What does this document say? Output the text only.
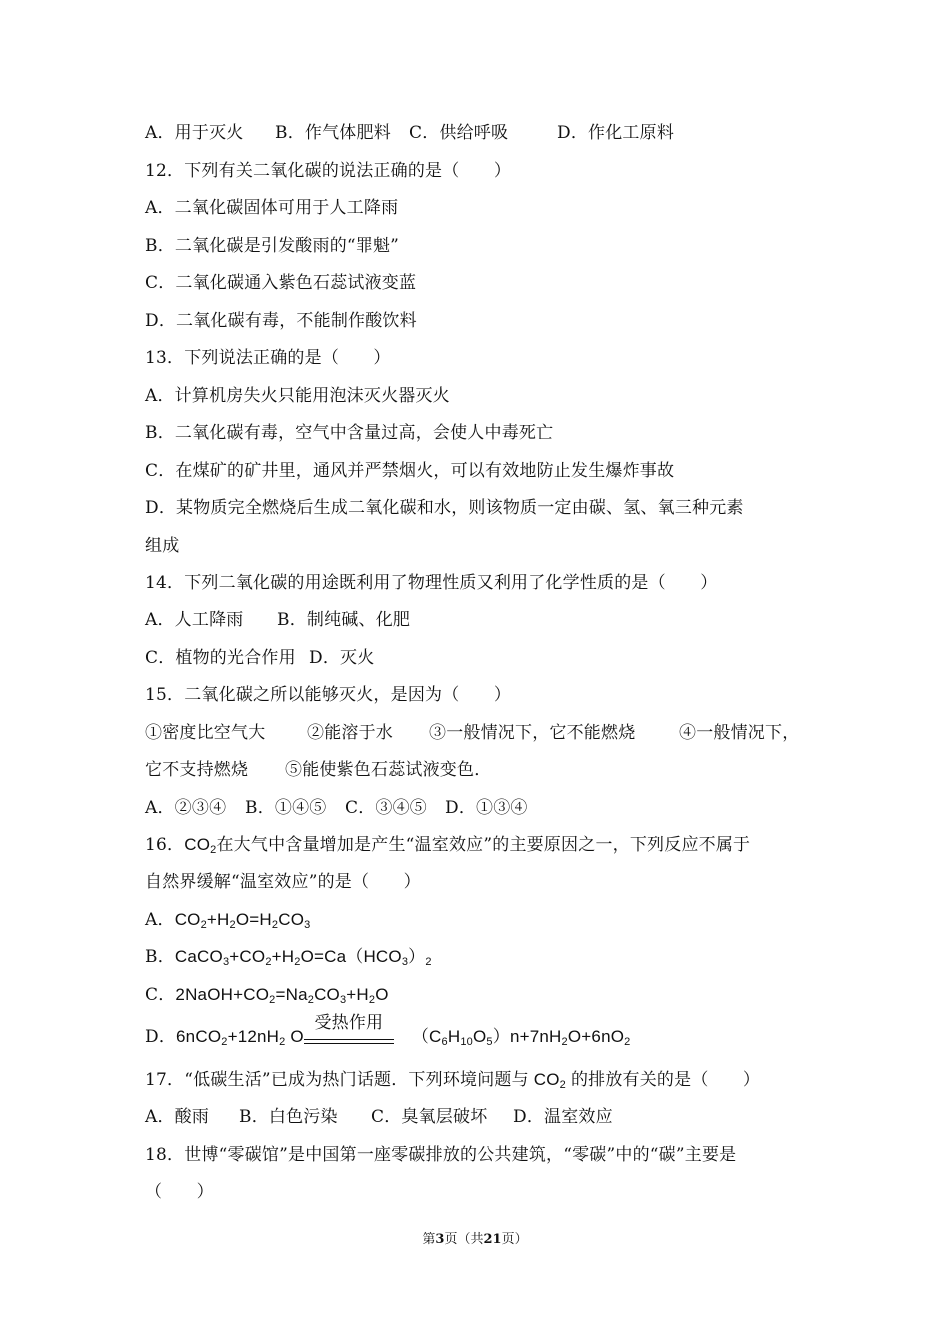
A．用于灭火 B．作气体肥料 C．供给呼吸	D．作化工原料
12．下列有关二氧化碳的说法正确的是（　　）
A．二氧化碳固体可用于人工降雨
B．二氧化碳是引发酸雨的“罪魁”
C．二氧化碳通入紫色石蕊试液变蓝
D．二氧化碳有毒，不能制作酸饮料
13．下列说法正确的是（　　）
A．计算机房失火只能用泡沫灭火器灭火
B．二氧化碳有毒，空气中含量过高，会使人中毒死亡
C．在煤矿的矿井里，通风并严禁烟火，可以有效地防止发生爆炸事故
D．某物质完全燃烧后生成二氧化碳和水，则该物质一定由碳、氢、氧三种元素
组成
14．下列二氧化碳的用途既利用了物理性质又利用了化学性质的是（　　）
A．人工降雨 B．制纯碱、化肥
C．植物的光合作用 D．灭火
15．二氧化碳之所以能够灭火，是因为（　　）
①密度比空气大 ②能溶于水 ③一般情况下，它不能燃烧	④一般情况下，
它不支持燃烧 ⑤能使紫色石蕊试液变色．
A．②③④ B．①④⑤ C．③④⑤ D．①③④
16．$CO_2$在大气中含量增加是产生“温室效应”的主要原因之一，下列反应不属于
自然界缓解“温室效应”的是（　　）
A．$CO_2+H_2O=H_2CO_3$
B．$CaCO_3+CO_2+H_2O=Ca(HCO_3)_2$
C．$2NaOH+CO_2=Na_2CO_3+H_2O$
D．$6nCO_2+12nH_2$ O
受热作用
$(C_6H_{10}O_5)n+7nH_2O+6nO_2$
17．“低碳生活”已成为热门话题．下列环境问题与 $CO_2$ 的排放有关的是（　　）
A．酸雨 B．白色污染 C．臭氧层破坏 D．温室效应
18．世博“零碳馆”是中国第一座零碳排放的公共建筑，“零碳”中的“碳”主要是
（　　）
第3页（共21页）
